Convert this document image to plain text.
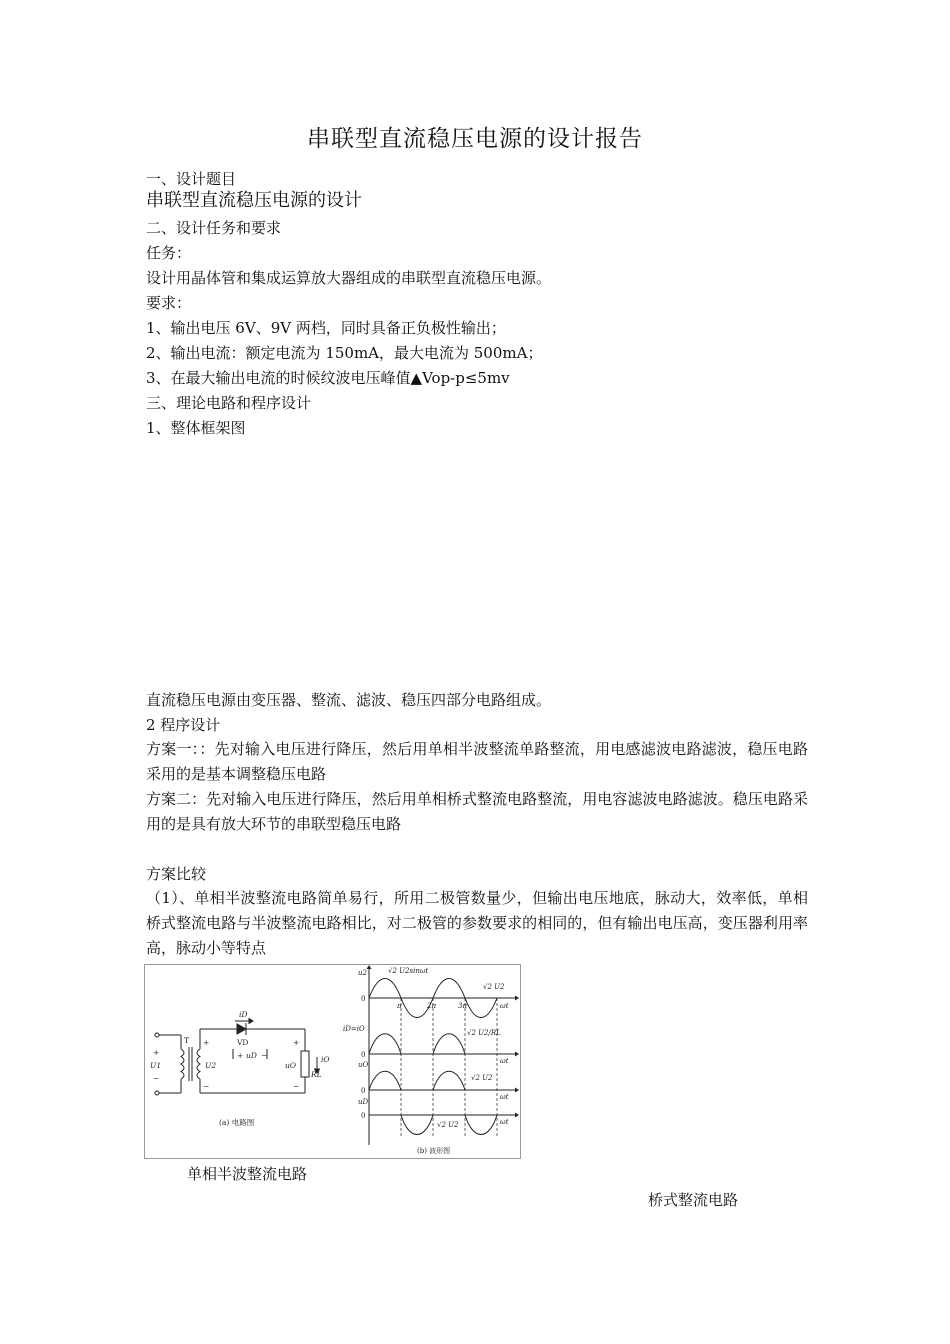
串联型直流稳压电源的设计报告
一、设计题目
串联型直流稳压电源的设计
二、设计任务和要求
任务：
设计用晶体管和集成运算放大器组成的串联型直流稳压电源。
要求：
1、输出电压 6V、9V 两档，同时具备正负极性输出；
2、输出电流：额定电流为 150mA，最大电流为 500mA；
3、在最大输出电流的时候纹波电压峰值▲Vop-p≤5mv
三、理论电路和程序设计
1、整体框架图
直流稳压电源由变压器、整流、滤波、稳压四部分电路组成。
2 程序设计
方案一：：先对输入电压进行降压，然后用单相半波整流单路整流，用电感滤波电路滤波，稳压电路采用的是基本调整稳压电路
方案二：先对输入电压进行降压，然后用单相桥式整流电路整流，用电容滤波电路滤波。稳压电路采用的是具有放大环节的串联型稳压电路
方案比较
（1）、单相半波整流电路简单易行，所用二极管数量少，但输出电压地底，脉动大，效率低，单相桥式整流电路与半波整流电路相比，对二极管的参数要求的相同的，但有输出电压高，变压器利用率高，脉动小等特点
T
iD
VD
uD
U1	U2	uO
iO
RL
+
−
+
−
+ −
+
−
(a) 电路图
u2	√2 U2sinωt
0
π	2π	3π	ωt
√2 U2
iD=iO
0
√2 U2/RL
ωt
uO
0
√2 U2
ωt
uD
0
√2 U2	ωt
(b) 波形图
单相半波整流电路
桥式整流电路
